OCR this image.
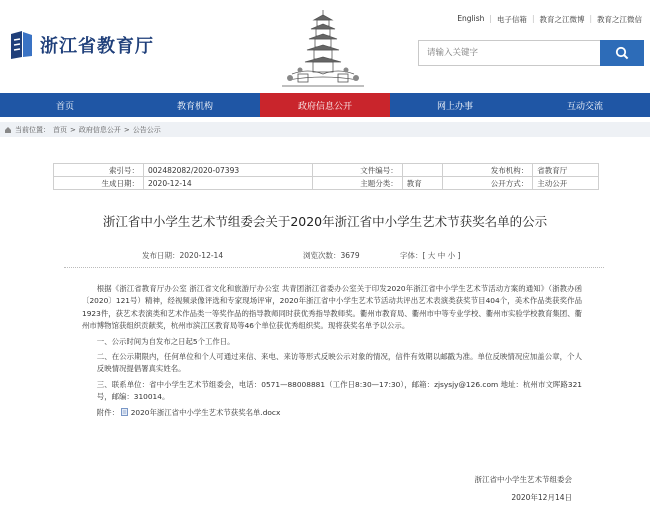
English | 电子信箱 | 教育之江微博 | 教育之江微信
浙江省教育厅
请输入关键字
首页	教育机构	政府信息公开	网上办事	互动交流
当前位置： 首页 > 政府信息公开 > 公告公示
索引号：	002482082/2020-07393	文件编号：		发布机构：	省教育厅
生成日期：	2020-12-14	主题分类：	教育	公开方式：	主动公开
浙江省中小学生艺术节组委会关于2020年浙江省中小学生艺术节获奖名单的公示
发布日期：2020-12-14	浏览次数：3679	字体：[ 大 中 小 ]

根据《浙江省教育厅办公室 浙江省文化和旅游厅办公室 共青团浙江省委办公室关于印发2020年浙江省中小学生艺术节活动方案的通知》（浙教办函〔2020〕121号）精神，经视频录像评选和专家现场评审，2020年浙江省中小学生艺术节活动共评出艺术表演类获奖节目404个，美术作品类获奖作品1923件，获艺术表演类和艺术作品类一等奖作品的指导教师同时获优秀指导教师奖。衢州市教育局、衢州市中等专业学校、衢州市实验学校教育集团、衢州市博物馆获组织贡献奖，杭州市滨江区教育局等46个单位获优秀组织奖。现将获奖名单予以公示。

一、公示时间为自发布之日起5个工作日。

二、在公示期限内，任何单位和个人可通过来信、来电、来访等形式反映公示对象的情况，信件有效期以邮戳为准。单位反映情况应加盖公章，个人反映情况提倡署真实姓名。

三、联系单位：省中小学生艺术节组委会，电话：0571—88008881（工作日8:30—17:30），邮箱：zjsysjy@126.com 地址：杭州市文晖路321号，邮编：310014。

附件： 2020年浙江省中小学生艺术节获奖名单.docx

浙江省中小学生艺术节组委会
2020年12月14日
